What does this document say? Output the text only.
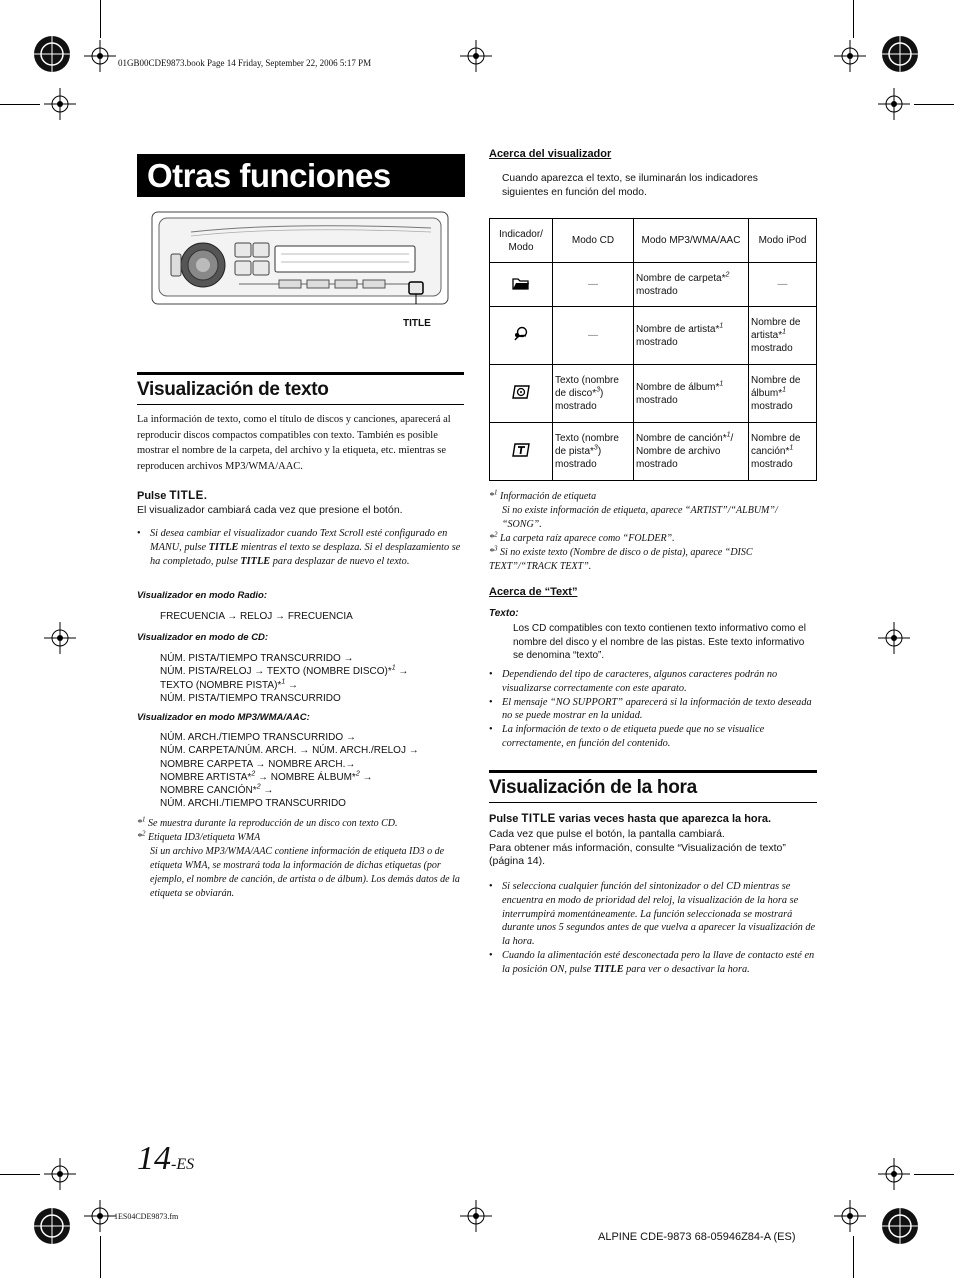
01GB00CDE9873.book Page 14 Friday, September 22, 2006 5:17 PM
1ES04CDE9873.fm
ALPINE CDE-9873 68-05946Z84-A (ES)
Otras funciones
TITLE
Visualización de texto
La información de texto, como el título de discos y canciones, aparecerá al reproducir discos compactos compatibles con texto. También es posible mostrar el nombre de la carpeta, del archivo y la etiqueta, etc. mientras se reproducen archivos MP3/WMA/AAC.
Pulse TITLE.
El visualizador cambiará cada vez que presione el botón.
• Si desea cambiar el visualizador cuando Text Scroll esté configurado en MANU, pulse TITLE mientras el texto se desplaza. Si el desplazamiento se ha completado, pulse TITLE para desplazar de nuevo el texto.
Visualizador en modo Radio:
FRECUENCIA → RELOJ → FRECUENCIA
Visualizador en modo de CD:
NÚM. PISTA/TIEMPO TRANSCURRIDO →
NÚM. PISTA/RELOJ → TEXTO (NOMBRE DISCO)*$^1$ →
TEXTO (NOMBRE PISTA)*$^1$ →
NÚM. PISTA/TIEMPO TRANSCURRIDO
Visualizador en modo MP3/WMA/AAC:
NÚM. ARCH./TIEMPO TRANSCURRIDO →
NÚM. CARPETA/NÚM. ARCH. → NÚM. ARCH./RELOJ →
NOMBRE CARPETA → NOMBRE ARCH.→
NOMBRE ARTISTA*$^2$ → NOMBRE ÁLBUM*$^2$ →
NOMBRE CANCIÓN*$^2$ →
NÚM. ARCHI./TIEMPO TRANSCURRIDO
*$^1$ Se muestra durante la reproducción de un disco con texto CD.
*$^2$ Etiqueta ID3/etiqueta WMA
Si un archivo MP3/WMA/AAC contiene información de etiqueta ID3 o de etiqueta WMA, se mostrará toda la información de dichas etiquetas (por ejemplo, el nombre de canción, de artista o de álbum). Los demás datos de la etiqueta se obviarán.
Acerca del visualizador
Cuando aparezca el texto, se iluminarán los indicadores siguientes en función del modo.
Indicador/ Modo	Modo CD	Modo MP3/WMA/AAC	Modo iPod
	—	Nombre de carpeta*$^2$ mostrado	—
	—	Nombre de artista*$^1$ mostrado	Nombre de artista*$^1$ mostrado
	Texto (nombre de disco*$^3$) mostrado	Nombre de álbum*$^1$ mostrado	Nombre de álbum*$^1$ mostrado
	Texto (nombre de pista*$^3$) mostrado	Nombre de canción*$^1$/ Nombre de archivo mostrado	Nombre de canción*$^1$ mostrado
*$^1$ Información de etiqueta
Si no existe información de etiqueta, aparece “ARTIST”/“ALBUM”/ “SONG”.
*$^2$ La carpeta raíz aparece como “FOLDER”.
*$^3$ Si no existe texto (Nombre de disco o de pista), aparece “DISC TEXT”/“TRACK TEXT”.
Acerca de “Text”
Texto:
Los CD compatibles con texto contienen texto informativo como el nombre del disco y el nombre de las pistas. Este texto informativo se denomina “texto”.
• Dependiendo del tipo de caracteres, algunos caracteres podrán no visualizarse correctamente con este aparato.
• El mensaje “NO SUPPORT” aparecerá si la información de texto deseada no se puede mostrar en la unidad.
• La información de texto o de etiqueta puede que no se visualice correctamente, en función del contenido.
Visualización de la hora
Pulse TITLE varias veces hasta que aparezca la hora.
Cada vez que pulse el botón, la pantalla cambiará.
Para obtener más información, consulte “Visualización de texto” (página 14).
• Si selecciona cualquier función del sintonizador o del CD mientras se encuentra en modo de prioridad del reloj, la visualización de la hora se interrumpirá momentáneamente. La función seleccionada se mostrará durante unos 5 segundos antes de que vuelva a aparecer la visualización de la hora.
• Cuando la alimentación esté desconectada pero la llave de contacto esté en la posición ON, pulse TITLE para ver o desactivar la hora.
14-ES
